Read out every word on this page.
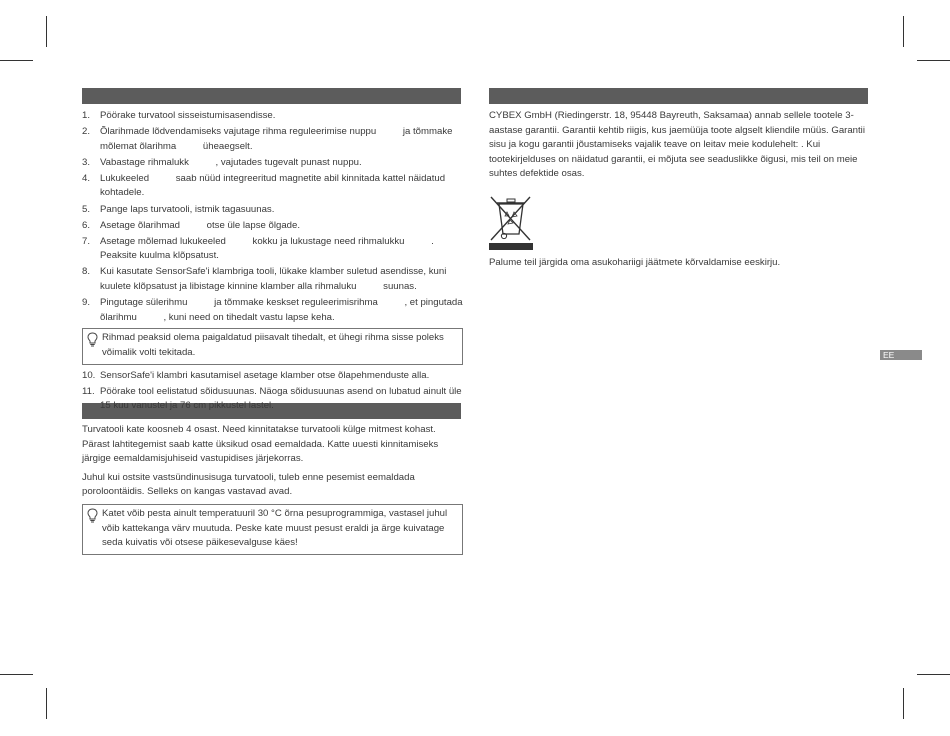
1. Pöörake turvatool sisseistumisasendisse.
2. Õlarihmade lõdvendamiseks vajutage rihma reguleerimise nuppu          ja tõmmake mõlemat õlarihma          üheaegselt.
3. Vabastage rihmalukk          , vajutades tugevalt punast nuppu.
4. Lukukeeled          saab nüüd integreeritud magnetite abil kinnitada kattel näidatud kohtadele.
5. Pange laps turvatooli, istmik tagasuunas.
6. Asetage õlarihmad          otse üle lapse õlgade.
7. Asetage mõlemad lukukeeled          kokku ja lukustage need rihmalukku          . Peaksite kuulma klõpsatust.
8. Kui kasutate SensorSafe'i klambriga tooli, lükake klamber suletud asendisse, kuni kuulete klõpsatust ja libistage kinnine klamber alla rihmaluku          suunas.
9. Pingutage sülerihmu          ja tõmmake keskset reguleerimisrihma          , et pingutada õlarihmu          , kuni need on tihedalt vastu lapse keha.
Rihmad peaksid olema paigaldatud piisavalt tihedalt, et ühegi rihma sisse poleks võimalik volti tekitada.
10. SensorSafe'i klambri kasutamisel asetage klamber otse õlapehmenduste alla.
11. Pöörake tool eelistatud sõidusuunas. Näoga sõidusuunas asend on lubatud ainult üle 15 kuu vanustel ja 76 cm pikkustel lastel.

Turvatooli kate koosneb 4 osast. Need kinnitatakse turvatooli külge mitmest kohast. Pärast lahtitegemist saab katte üksikud osad eemaldada. Katte uuesti kinnitamiseks järgige eemaldamisjuhiseid vastupidises järjekorras.

Juhul kui ostsite vastsündinusisuga turvatooli, tuleb enne pesemist eemaldada poroloontäidis. Selleks on kangas vastavad avad.

Katet võib pesta ainult temperatuuril 30 °C õrna pesuprogrammiga, vastasel juhul võib kattekanga värv muutuda. Peske kate muust pesust eraldi ja ärge kuivatage seda kuivatis või otsese päikesevalguse käes!

CYBEX GmbH (Riedingerstr. 18, 95448 Bayreuth, Saksamaa) annab sellele tootele 3-aastase garantii. Garantii kehtib riigis, kus jaemüüja toote algselt kliendile müüs. Garantii sisu ja kogu garantii jõustamiseks vajalik teave on leitav meie kodulehelt: . Kui tootekirjelduses on näidatud garantii, ei mõjuta see seaduslikke õigusi, mis teil on meie suhtes defektide osas.

Palume teil järgida oma asukohariigi jäätmete kõrvaldamise eeskirju.

EE
